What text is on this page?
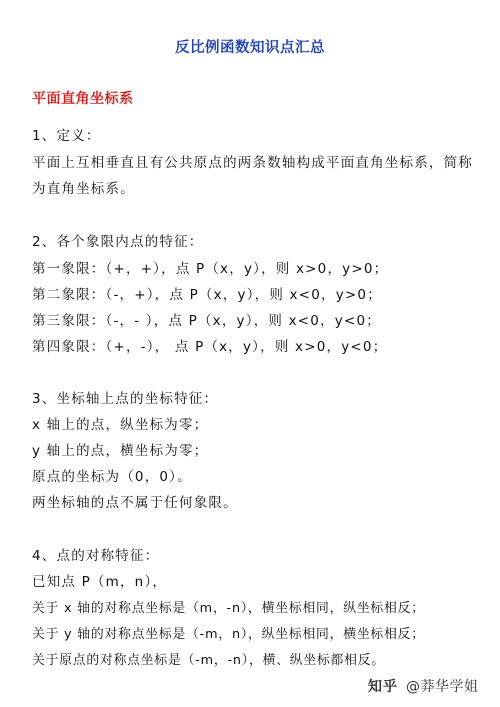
反比例函数知识点汇总
平面直角坐标系
1、定义：
平面上互相垂直且有公共原点的两条数轴构成平面直角坐标系，简称
为直角坐标系。
2、各个象限内点的特征：
第一象限：（+，+），点 P（x，y），则 x>0，y>0；
第二象限：（-，+），点 P（x，y），则 x<0，y>0；
第三象限：（-，- ），点 P（x，y），则 x<0，y<0；
第四象限：（+，-）， 点 P（x，y），则 x>0，y<0；
3、坐标轴上点的坐标特征：
x 轴上的点，纵坐标为零；
y 轴上的点，横坐标为零；
原点的坐标为（0，0）。
两坐标轴的点不属于任何象限。
4、点的对称特征：
已知点 P（m，n），
关于 x 轴的对称点坐标是（m，-n），横坐标相同，纵坐标相反；
关于 y 轴的对称点坐标是（-m，n），纵坐标相同，横坐标相反；
关于原点的对称点坐标是（-m，-n），横、纵坐标都相反。
知乎 @莽华学姐
